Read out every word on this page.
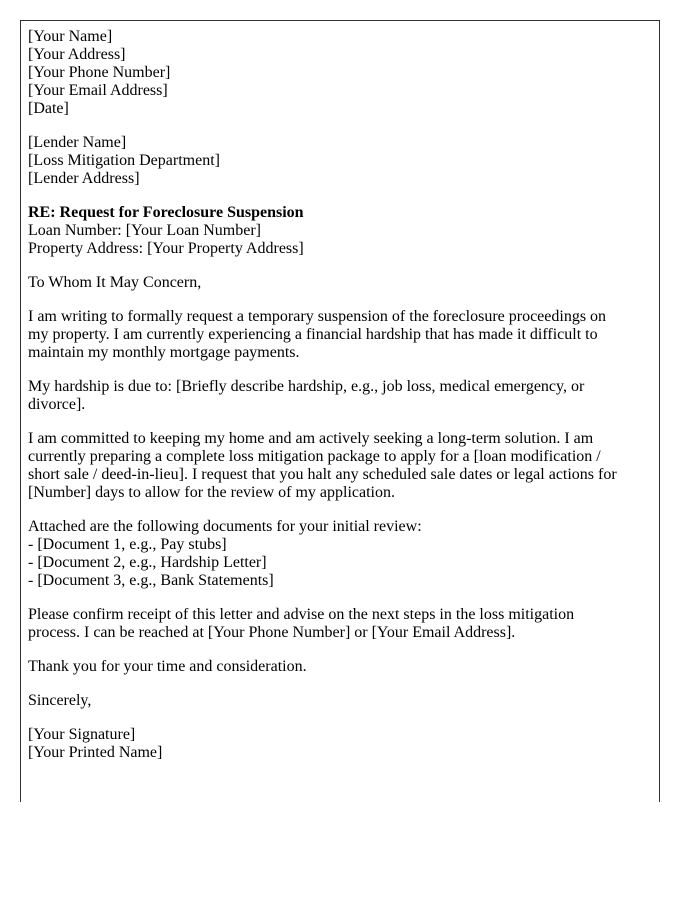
[Your Name]
[Your Address]
[Your Phone Number]
[Your Email Address]
[Date]
[Lender Name]
[Loss Mitigation Department]
[Lender Address]
RE: Request for Foreclosure Suspension
Loan Number: [Your Loan Number]
Property Address: [Your Property Address]

To Whom It May Concern,

I am writing to formally request a temporary suspension of the foreclosure proceedings on my property. I am currently experiencing a financial hardship that has made it difficult to maintain my monthly mortgage payments.

My hardship is due to: [Briefly describe hardship, e.g., job loss, medical emergency, or divorce].

I am committed to keeping my home and am actively seeking a long-term solution. I am currently preparing a complete loss mitigation package to apply for a [loan modification / short sale / deed-in-lieu]. I request that you halt any scheduled sale dates or legal actions for [Number] days to allow for the review of my application.

Attached are the following documents for your initial review:
- [Document 1, e.g., Pay stubs]
- [Document 2, e.g., Hardship Letter]
- [Document 3, e.g., Bank Statements]

Please confirm receipt of this letter and advise on the next steps in the loss mitigation process. I can be reached at [Your Phone Number] or [Your Email Address].

Thank you for your time and consideration.

Sincerely,

[Your Signature]
[Your Printed Name]
